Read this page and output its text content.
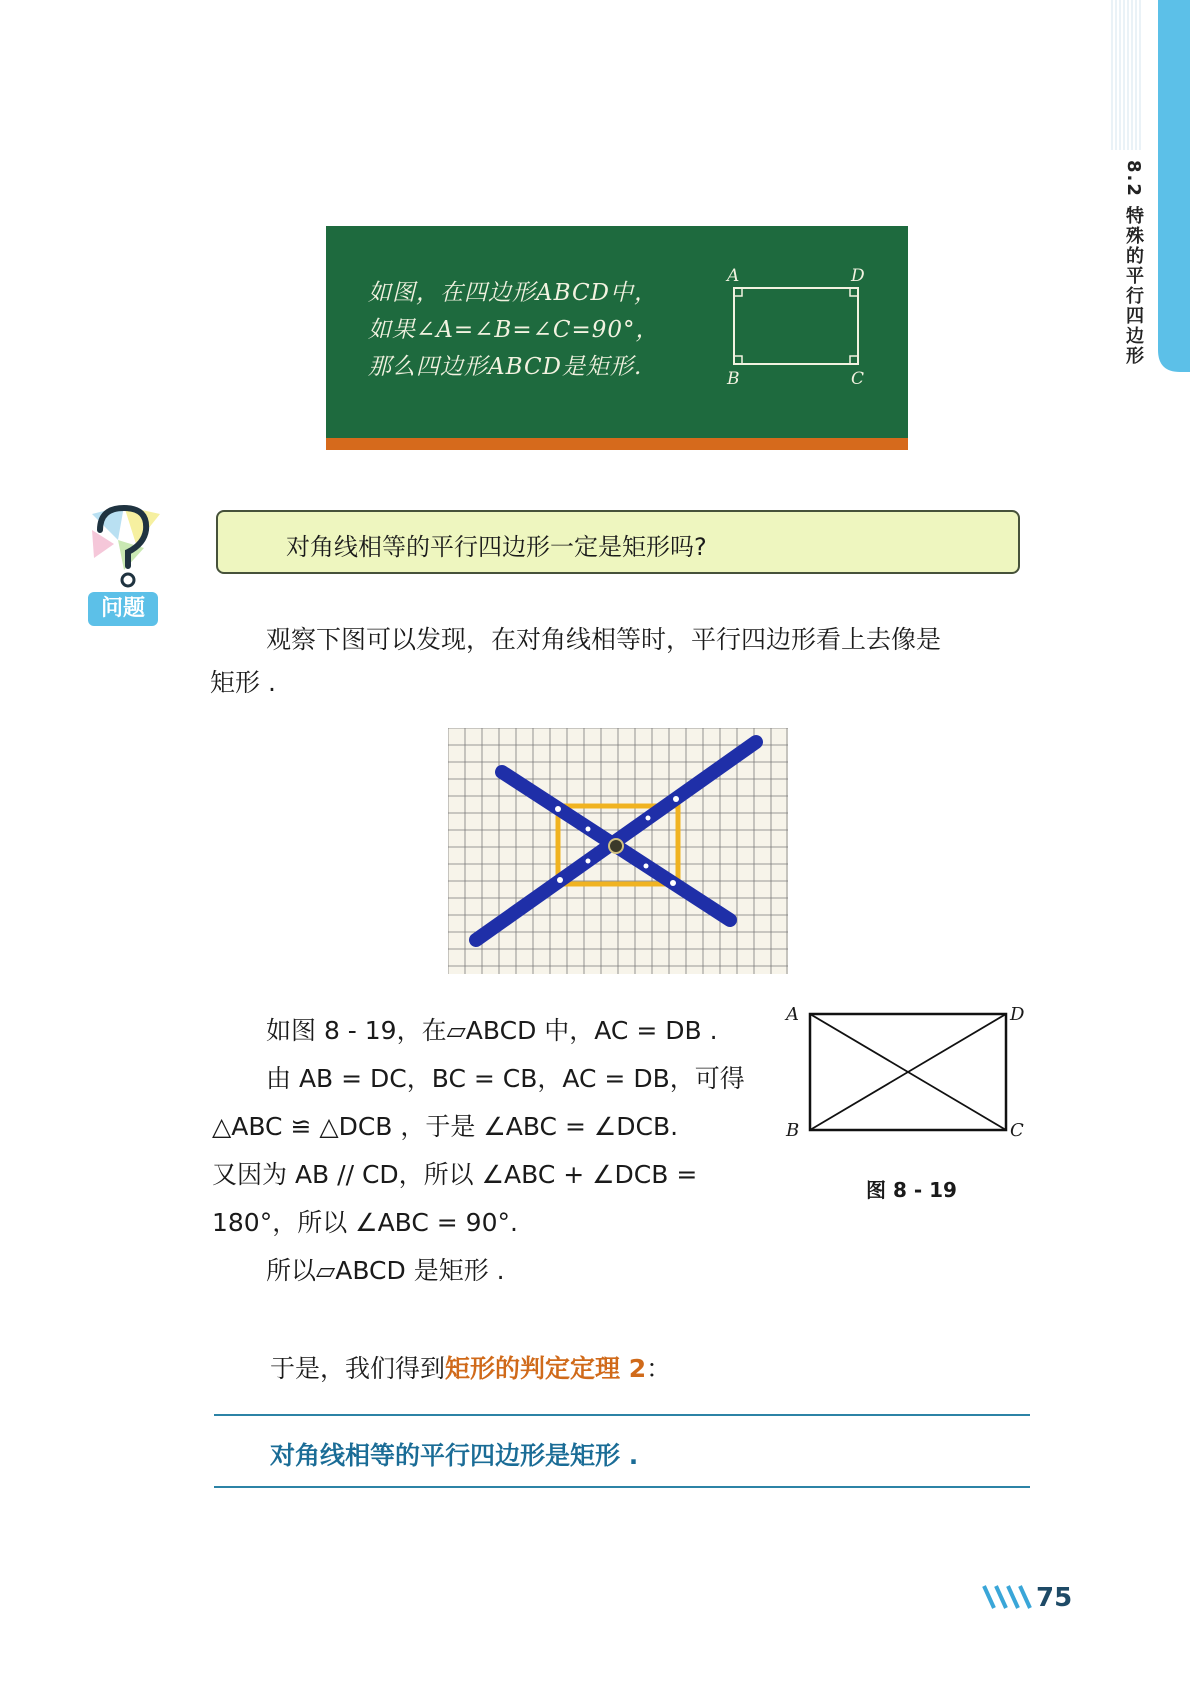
8.2 特殊的平行四边形
如图，在四边形ABCD中，
如果∠A=∠B=∠C=90°，
那么四边形ABCD是矩形.
A	D
B	C
问题
对角线相等的平行四边形一定是矩形吗?
观察下图可以发现，在对角线相等时，平行四边形看上去像是
矩形 .
如图 8 - 19，在▱ABCD 中，AC = DB .
由 AB = DC，BC = CB，AC = DB，可得
△ABC ≌ △DCB ，于是 ∠ABC = ∠DCB.
又因为 AB // CD，所以 ∠ABC + ∠DCB =
180°，所以 ∠ABC = 90°.
所以▱ABCD 是矩形 .
A	D
B	C
图 8 - 19
于是，我们得到矩形的判定定理 2：
对角线相等的平行四边形是矩形 .
75
